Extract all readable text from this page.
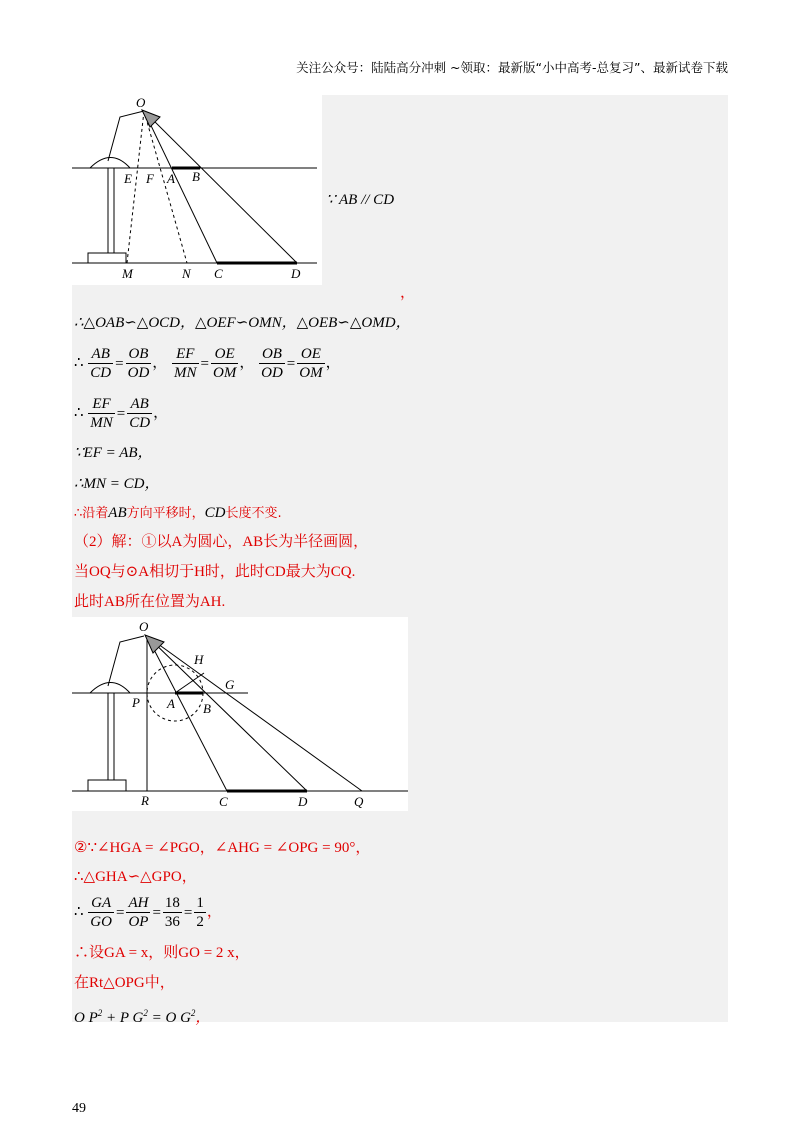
关注公众号：陆陆高分冲刺 ~领取：最新版“小中高考-总复习”、最新试卷下载
O
E F A B
M	N C	D
O
H
G
P A B
R	C	D	Q
∵ AB // CD
，
∴△OAB∽△OCD，△OEF∽OMN，△OEB∽△OMD，
∴ $\frac{AB}{CD} = \frac{OB}{OD}$ ， $\frac{EF}{MN} = \frac{OE}{OM}$ ， $\frac{OB}{OD} = \frac{OE}{OM}$ ，
∴ $\frac{EF}{MN} = \frac{AB}{CD}$ ，
∵EF = AB，
∴MN = CD，
∴沿着AB方向平移时，CD长度不变.
（2）解：①以A为圆心，AB长为半径画圆，
当OQ与⊙A相切于H时，此时CD最大为CQ.
此时AB所在位置为AH.
②∵∠HGA = ∠PGO，∠AHG = ∠OPG = 90°，
∴△GHA∽△GPO，
∴ $\frac{GA}{GO} = \frac{AH}{OP} = \frac{18}{36} = \frac{1}{2}$ ，
∴设GA = x，则GO = 2 x，
在Rt△OPG中，
O $P^2 + P$ $G^2 = O$ $G^2$，
49
